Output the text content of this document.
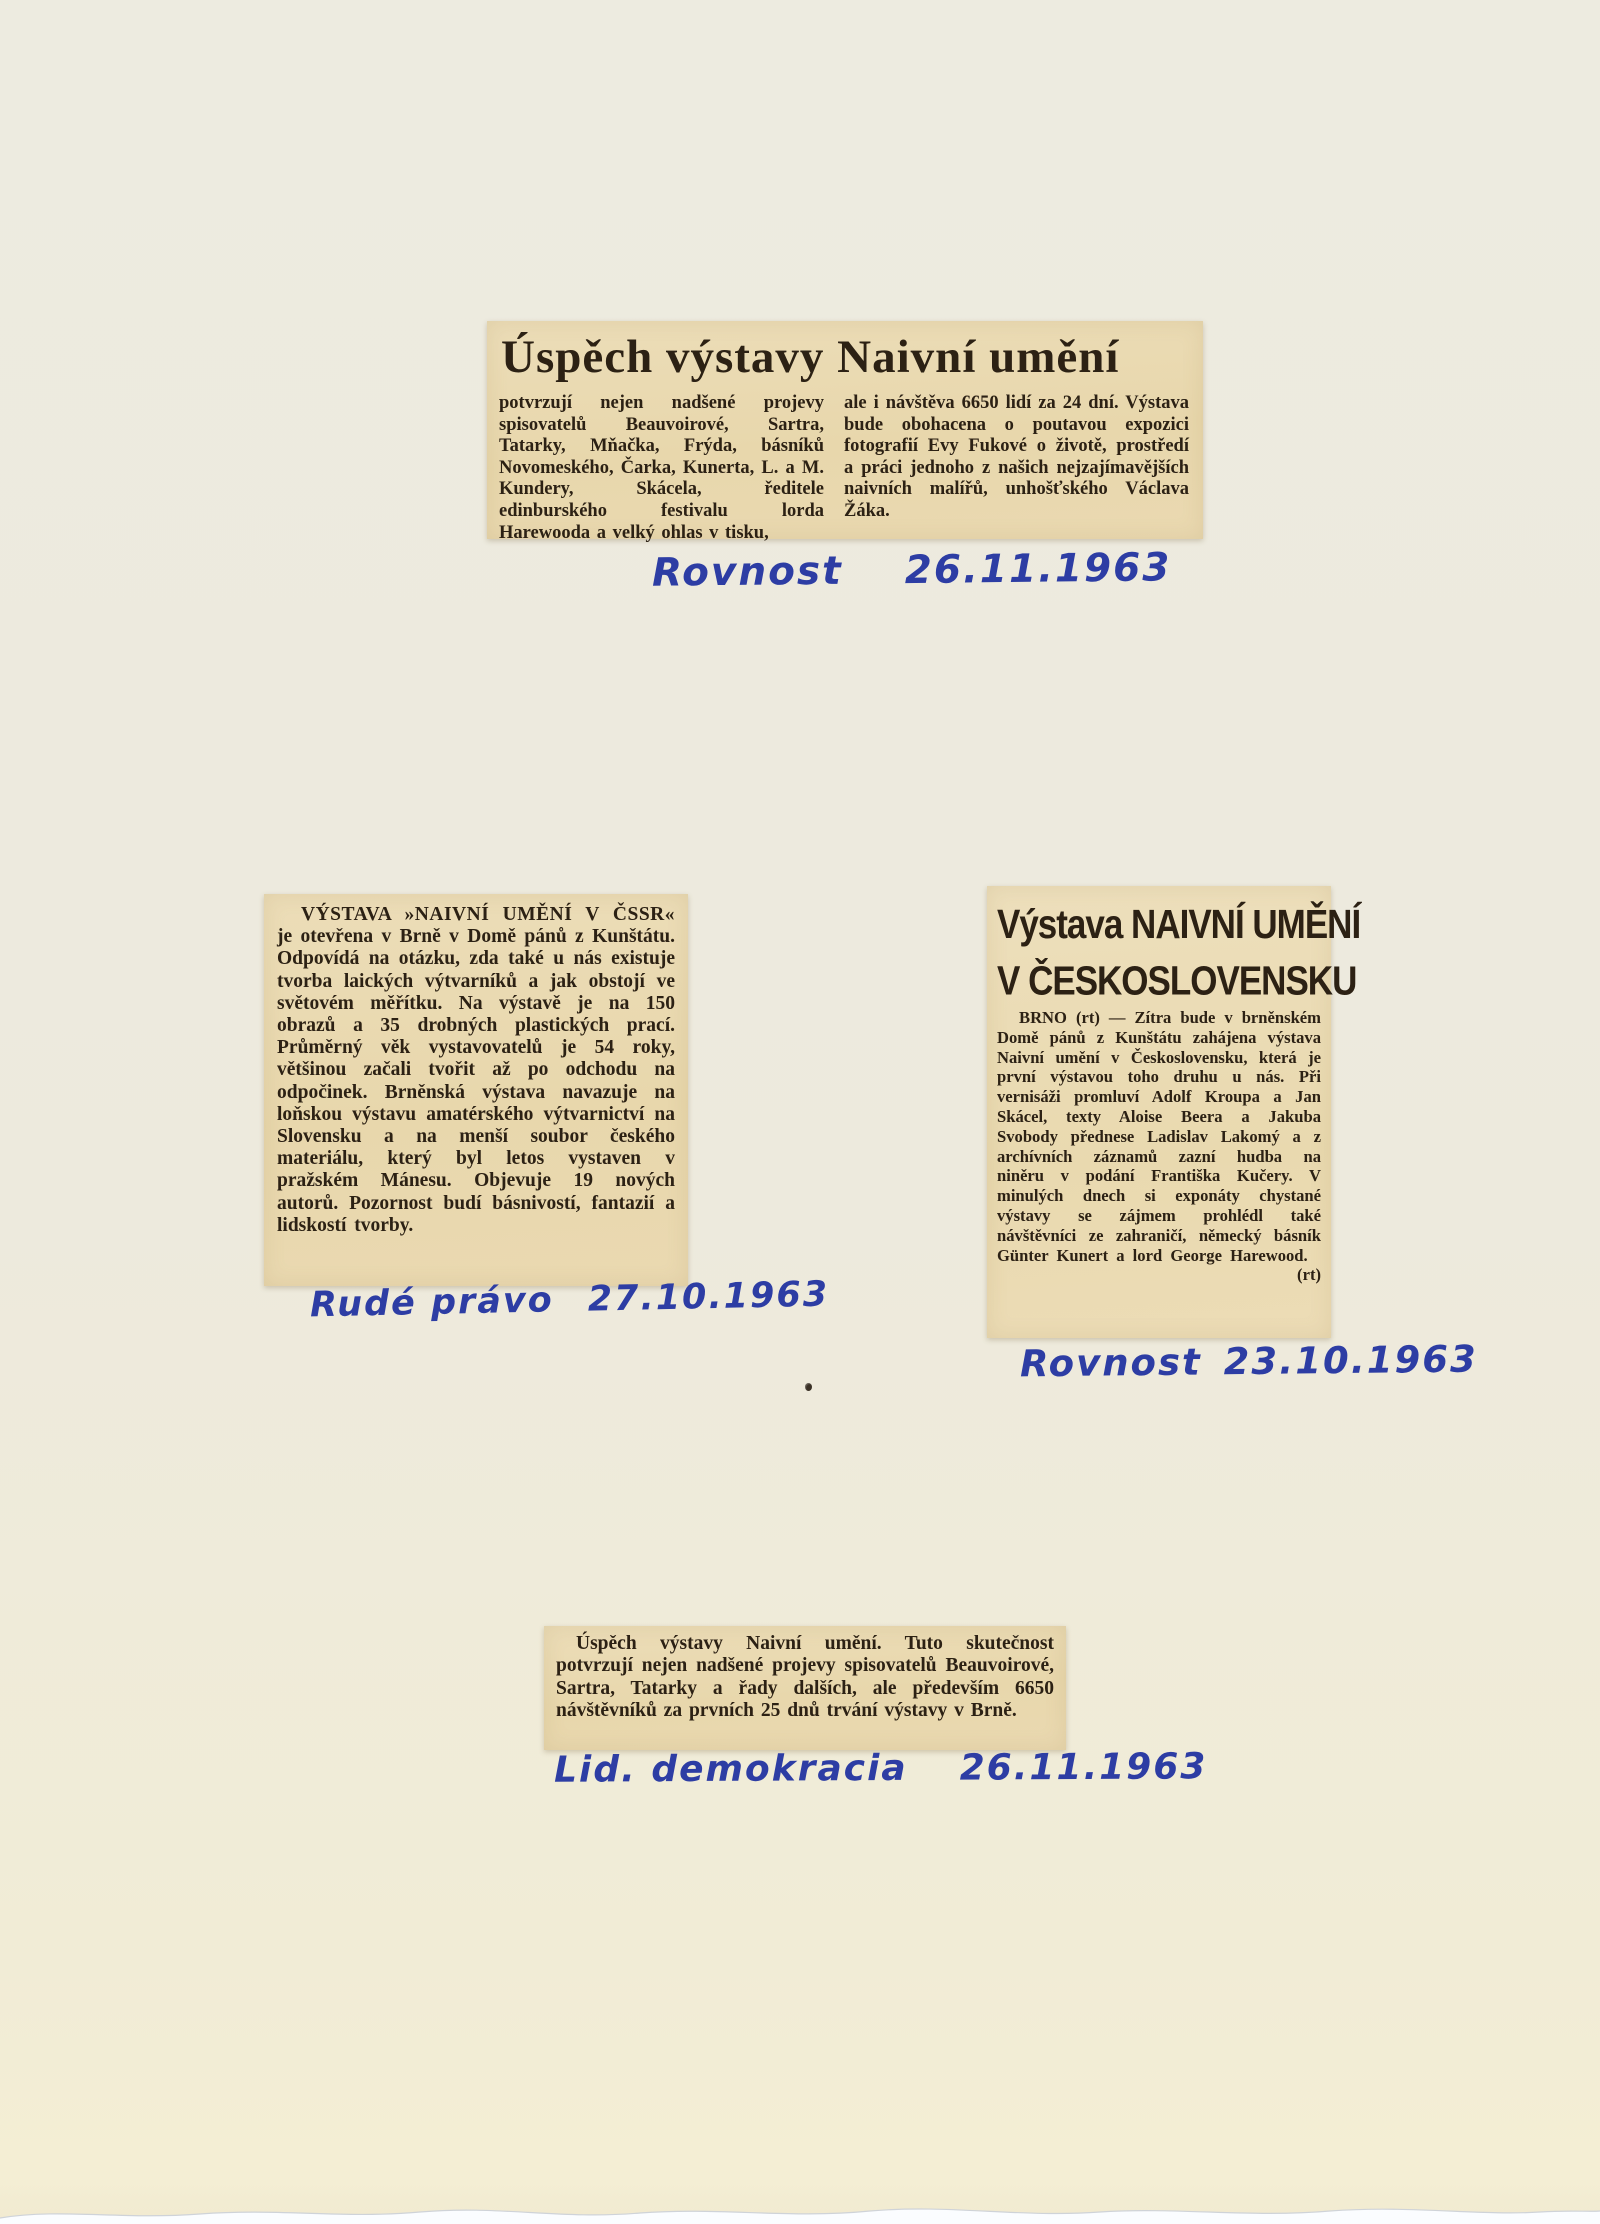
Úspěch výstavy Naivní umění

potvrzují nejen nadšené projevy spisovatelů Beauvoirové, Sartra, Tatarky, Mňačka, Frýda, básníků Novomeského, Čarka, Kunerta, L. a M. Kundery, Skácela, ředitele edinburského festivalu lorda Harewooda a velký ohlas v tisku,

ale i návštěva 6650 lidí za 24 dní. Výstava bude obohacena o poutavou expozici fotografií Evy Fukové o životě, prostředí a práci jednoho z našich nejzajímavějších naivních malířů, unhošťského Václava Žáka.

Rovnost 26.11.1963

VÝSTAVA »NAIVNÍ UMĚNÍ V ČSSR« je otevřena v Brně v Domě pánů z Kunštátu. Odpovídá na otázku, zda také u nás existuje tvorba laických výtvarníků a jak obstojí ve světovém měřítku. Na výstavě je na 150 obrazů a 35 drobných plastických prací. Průměrný věk vystavovatelů je 54 roky, většinou začali tvořit až po odchodu na odpočinek. Brněnská výstava navazuje na loňskou výstavu amatérského výtvarnictví na Slovensku a na menší soubor českého materiálu, který byl letos vystaven v pražském Mánesu. Objevuje 19 nových autorů. Pozornost budí básnivostí, fantazií a lidskostí tvorby.

Rudé právo 27.10.1963
Výstava NAIVNÍ UMĚNÍ
V ČESKOSLOVENSKU

BRNO (rt) — Zítra bude v brněnském Domě pánů z Kunštátu zahájena výstava Naivní umění v Československu, která je první výstavou toho druhu u nás. Při vernisáži promluví Adolf Kroupa a Jan Skácel, texty Aloise Beera a Jakuba Svobody přednese Ladislav Lakomý a z archívních záznamů zazní hudba na niněru v podání Františka Kučery. V minulých dnech si exponáty chystané výstavy se zájmem prohlédl také návštěvníci ze zahraničí, německý básník Günter Kunert a lord George Harewood.
(rt)

Rovnost 23.10.1963

Úspěch výstavy Naivní umění. Tuto skutečnost potvrzují nejen nadšené projevy spisovatelů Beauvoirové, Sartra, Tatarky a řady dalších, ale především 6650 návštěvníků za prvních 25 dnů trvání výstavy v Brně.

Lid. demokracia 26.11.1963
